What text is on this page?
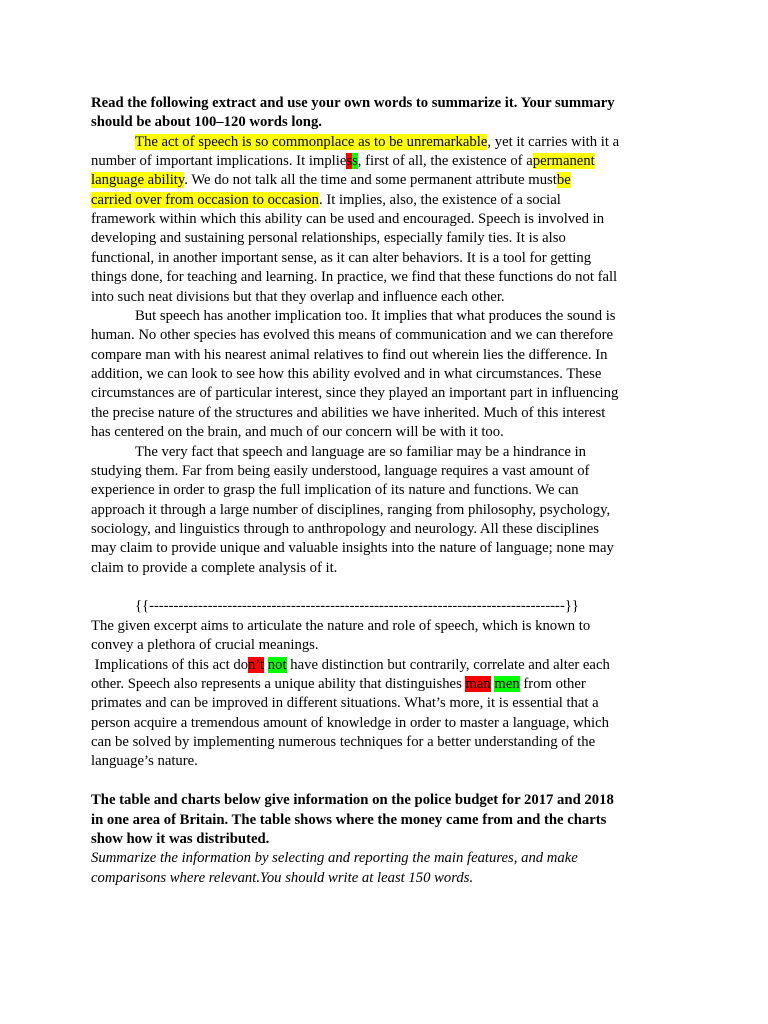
Read the following extract and use your own words to summarize it. Your summary
should be about 100–120 words long.
The act of speech is so commonplace as to be unremarkable, yet it carries with it a
number of important implications. It impliess, first of all, the existence of apermanent
language ability. We do not talk all the time and some permanent attribute mustbe
carried over from occasion to occasion. It implies, also, the existence of a social
framework within which this ability can be used and encouraged. Speech is involved in
developing and sustaining personal relationships, especially family ties. It is also
functional, in another important sense, as it can alter behaviors. It is a tool for getting
things done, for teaching and learning. In practice, we find that these functions do not fall
into such neat divisions but that they overlap and influence each other.
But speech has another implication too. It implies that what produces the sound is
human. No other species has evolved this means of communication and we can therefore
compare man with his nearest animal relatives to find out wherein lies the difference. In
addition, we can look to see how this ability evolved and in what circumstances. These
circumstances are of particular interest, since they played an important part in influencing
the precise nature of the structures and abilities we have inherited. Much of this interest
has centered on the brain, and much of our concern will be with it too.
The very fact that speech and language are so familiar may be a hindrance in
studying them. Far from being easily understood, language requires a vast amount of
experience in order to grasp the full implication of its nature and functions. We can
approach it through a large number of disciplines, ranging from philosophy, psychology,
sociology, and linguistics through to anthropology and neurology. All these disciplines
may claim to provide unique and valuable insights into the nature of language; none may
claim to provide a complete analysis of it.
{{-------------------------------------------------------------------------------------}}
The given excerpt aims to articulate the nature and role of speech, which is known to
convey a plethora of crucial meanings.
Implications of this act don’t not have distinction but contrarily, correlate and alter each
other. Speech also represents a unique ability that distinguishes man men from other
primates and can be improved in different situations. What’s more, it is essential that a
person acquire a tremendous amount of knowledge in order to master a language, which
can be solved by implementing numerous techniques for a better understanding of the
language’s nature.
The table and charts below give information on the police budget for 2017 and 2018
in one area of Britain. The table shows where the money came from and the charts
show how it was distributed.
Summarize the information by selecting and reporting the main features, and make
comparisons where relevant.You should write at least 150 words.
